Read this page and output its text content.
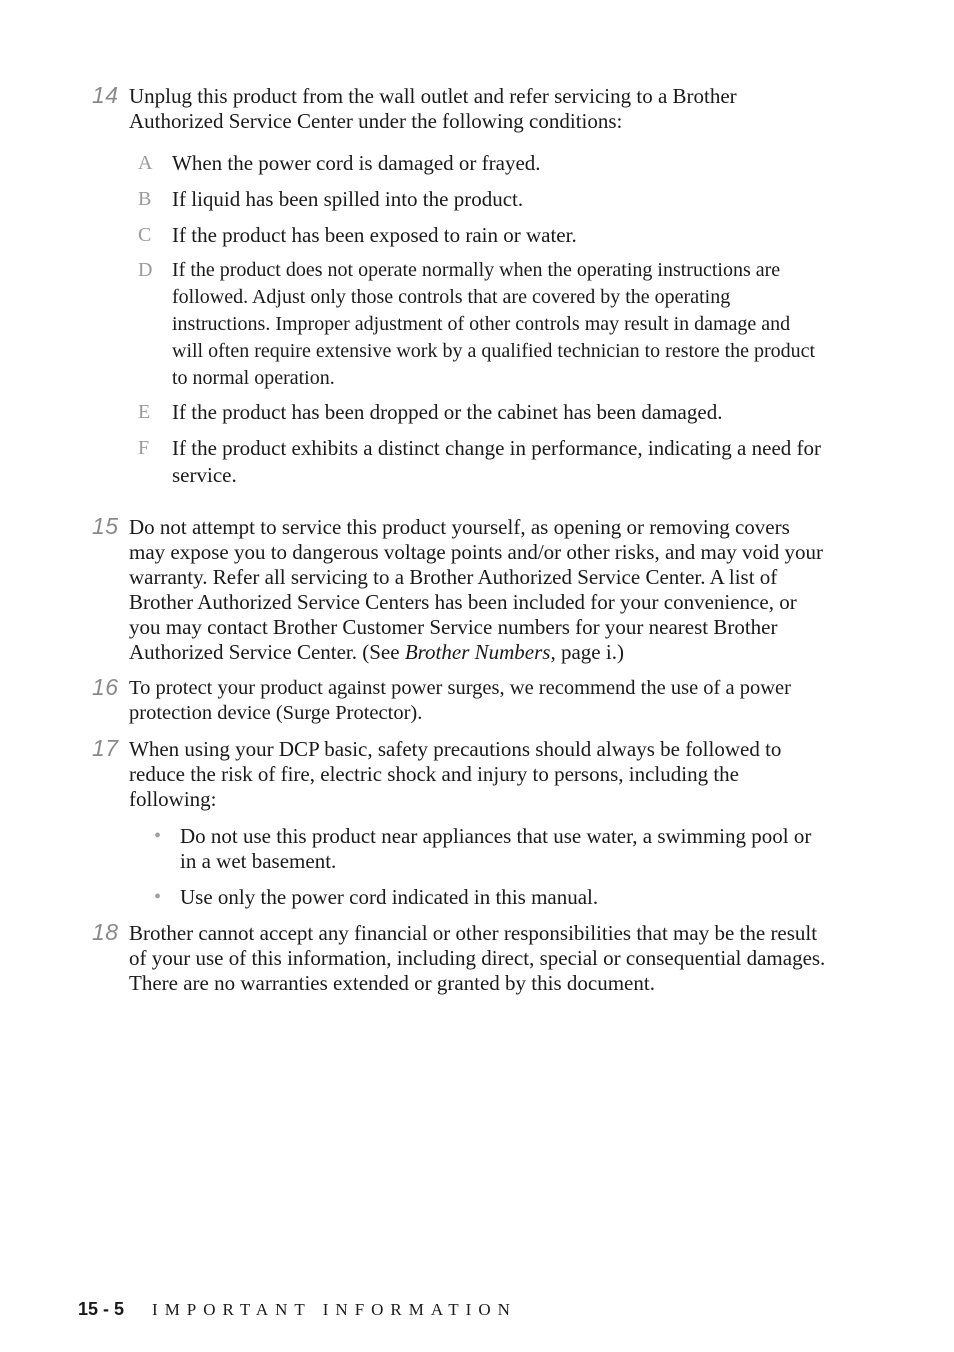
14 Unplug this product from the wall outlet and refer servicing to a Brother Authorized Service Center under the following conditions:
A When the power cord is damaged or frayed.
B If liquid has been spilled into the product.
C If the product has been exposed to rain or water.
D If the product does not operate normally when the operating instructions are followed. Adjust only those controls that are covered by the operating instructions. Improper adjustment of other controls may result in damage and will often require extensive work by a qualified technician to restore the product to normal operation.
E If the product has been dropped or the cabinet has been damaged.
F If the product exhibits a distinct change in performance, indicating a need for service.
15 Do not attempt to service this product yourself, as opening or removing covers may expose you to dangerous voltage points and/or other risks, and may void your warranty. Refer all servicing to a Brother Authorized Service Center. A list of Brother Authorized Service Centers has been included for your convenience, or you may contact Brother Customer Service numbers for your nearest Brother Authorized Service Center. (See Brother Numbers, page i.)
16 To protect your product against power surges, we recommend the use of a power protection device (Surge Protector).
17 When using your DCP basic, safety precautions should always be followed to reduce the risk of fire, electric shock and injury to persons, including the following:
• Do not use this product near appliances that use water, a swimming pool or in a wet basement.
• Use only the power cord indicated in this manual.
18 Brother cannot accept any financial or other responsibilities that may be the result of your use of this information, including direct, special or consequential damages. There are no warranties extended or granted by this document.
15 - 5 IMPORTANT INFORMATION
